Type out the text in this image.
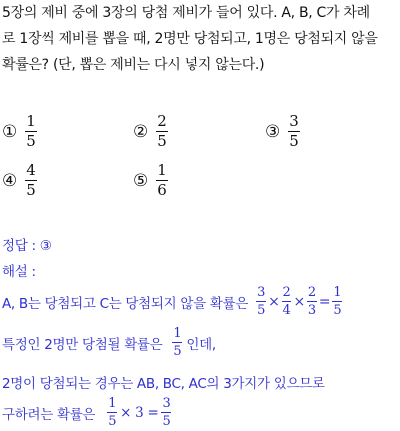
5장의 제비 중에 3장의 당첨 제비가 들어 있다. A, B, C가 차례
로 1장씩 제비를 뽑을 때, 2명만 당첨되고, 1명은 당첨되지 않을
확률은? (단, 뽑은 제비는 다시 넣지 않는다.)
① $\frac{1}{5}$	② $\frac{2}{5}$	③ $\frac{3}{5}$
④ $\frac{4}{5}$	⑤ $\frac{1}{6}$
정답 : ③
해설 :
A, B는 당첨되고 C는 당첨되지 않을 확률은 $\frac{3}{5} \times \frac{2}{4} \times \frac{2}{3} = \frac{1}{5}$
특정인 2명만 당첨될 확률은 $\frac{1}{5}$ 인데,
2명이 당첨되는 경우는 AB, BC, AC의 3가지가 있으므로
구하려는 확률은 $\frac{1}{5} \times 3 = \frac{3}{5}$
